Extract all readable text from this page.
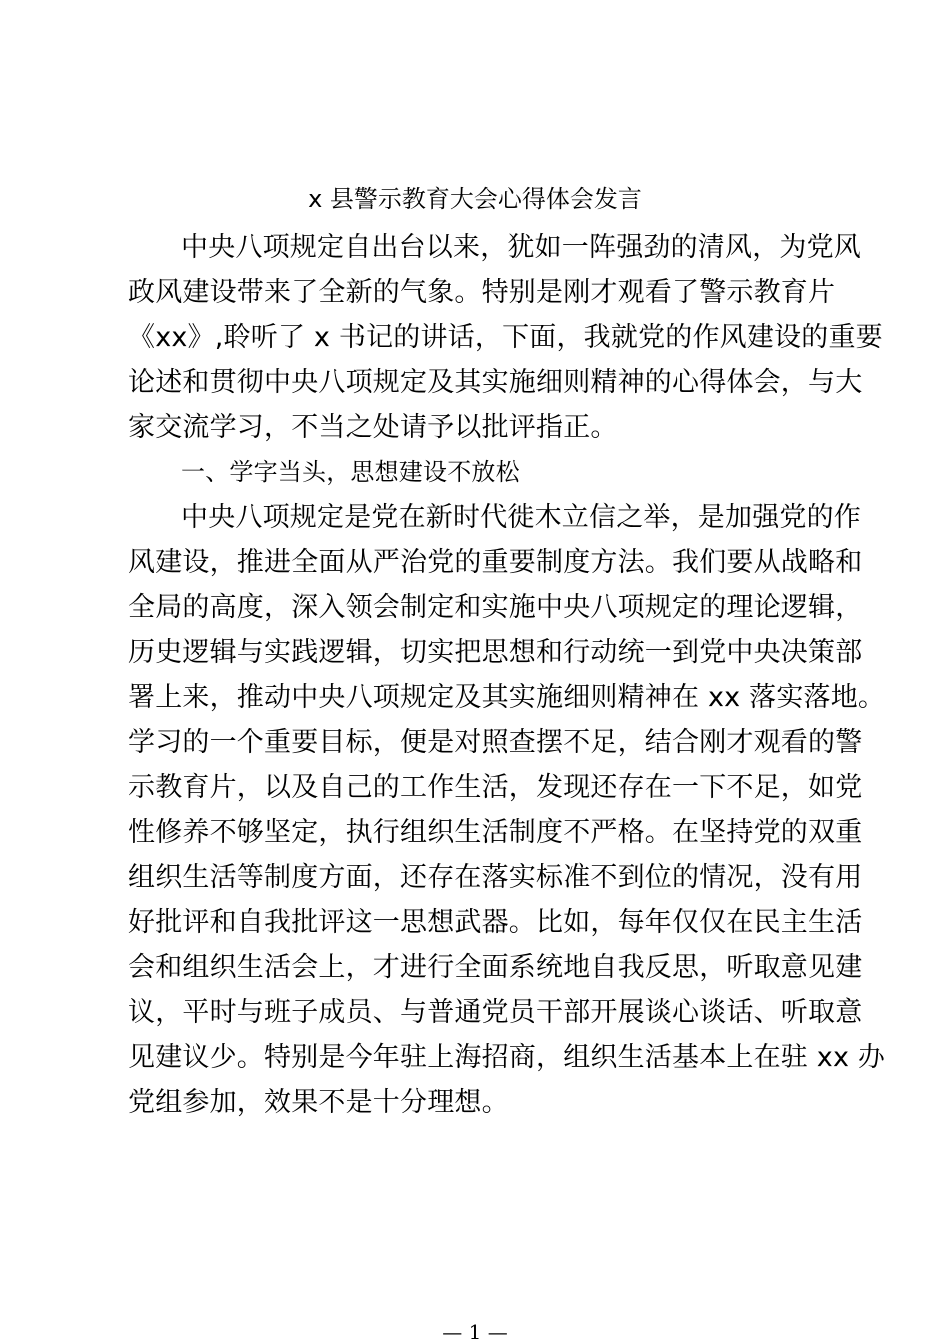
x 县警示教育大会心得体会发言
中央八项规定自出台以来，犹如一阵强劲的清风，为党风
政风建设带来了全新的气象。特别是刚才观看了警示教育片
《xx》,聆听了 x 书记的讲话，下面，我就党的作风建设的重要
论述和贯彻中央八项规定及其实施细则精神的心得体会，与大
家交流学习，不当之处请予以批评指正。
一、学字当头，思想建设不放松
中央八项规定是党在新时代徙木立信之举，是加强党的作
风建设，推进全面从严治党的重要制度方法。我们要从战略和
全局的高度，深入领会制定和实施中央八项规定的理论逻辑，
历史逻辑与实践逻辑，切实把思想和行动统一到党中央决策部
署上来，推动中央八项规定及其实施细则精神在 xx 落实落地。
学习的一个重要目标，便是对照查摆不足，结合刚才观看的警
示教育片，以及自己的工作生活，发现还存在一下不足，如党
性修养不够坚定，执行组织生活制度不严格。在坚持党的双重
组织生活等制度方面，还存在落实标准不到位的情况，没有用
好批评和自我批评这一思想武器。比如，每年仅仅在民主生活
会和组织生活会上，才进行全面系统地自我反思，听取意见建
议，平时与班子成员、与普通党员干部开展谈心谈话、听取意
见建议少。特别是今年驻上海招商，组织生活基本上在驻 xx 办
党组参加，效果不是十分理想。
— 1 —
